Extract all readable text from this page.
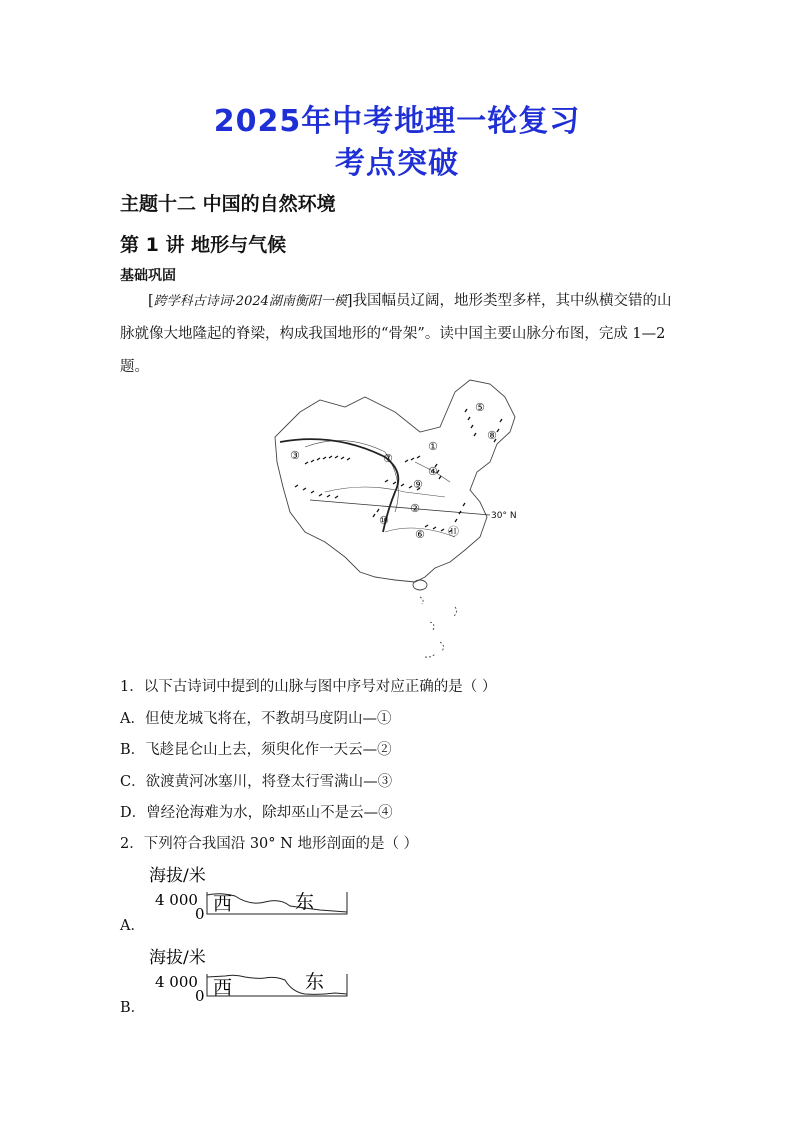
2025年中考地理一轮复习
考点突破
主题十二 中国的自然环境
第 1 讲 地形与气候
基础巩固
[跨学科古诗词·2024湖南衡阳一模]我国幅员辽阔，地形类型多样，其中纵横交错的山脉就像大地隆起的脊梁，构成我国地形的“骨架”。读中国主要山脉分布图，完成 1—2 题。
①
②
③
④
⑤
⑥
⑦
⑧
⑨
⑩
⑪
30° N
1．以下古诗词中提到的山脉与图中序号对应正确的是（ ）
A．但使龙城飞将在，不教胡马度阴山—①
B．飞趁昆仑山上去，须臾化作一天云—②
C．欲渡黄河冰塞川，将登太行雪满山—③
D．曾经沧海难为水，除却巫山不是云—④
2．下列符合我国沿 30° N 地形剖面的是（ ）
海拔/米
4 000
0 西	东
A．
海拔/米
4 000
0 西	东
B．
